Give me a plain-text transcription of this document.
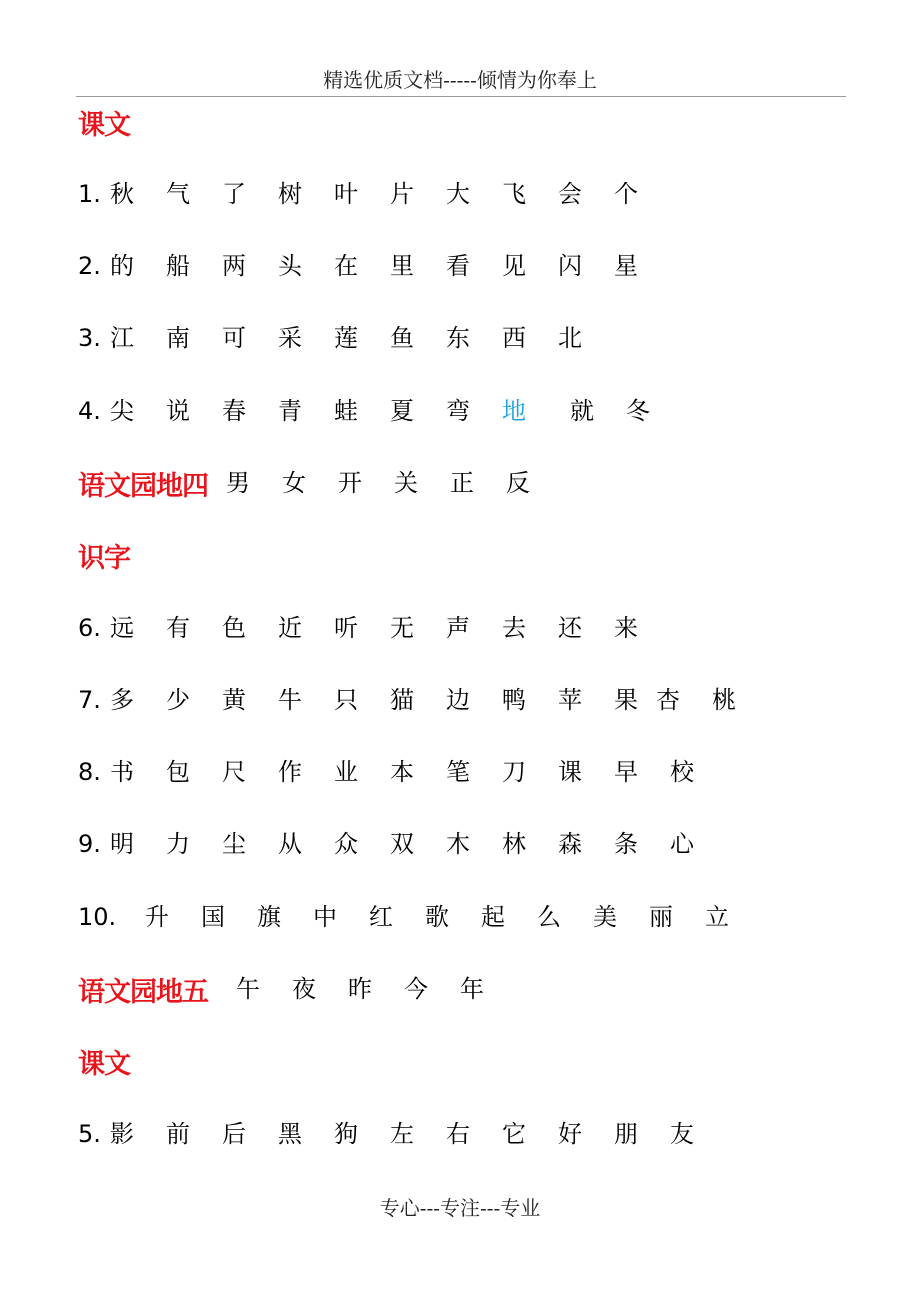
精选优质文档-----倾情为你奉上
课文
1. 秋	气	了	树	叶	片	大	飞	会	个
2. 的	船	两	头	在	里	看	见	闪	星
3. 江	南	可	采	莲	鱼	东	西	北
4. 尖	说	春	青	蛙	夏	弯	地	就	冬
语文园地四 男	女	开	关	正	反
识字
6. 远	有	色	近	听	无	声	去	还	来
7. 多	少	黄	牛	只	猫	边	鸭	苹	果 杏	桃
8. 书	包	尺	作	业	本	笔	刀	课	早	校
9. 明	力	尘	从	众	双	木	林	森	条	心
10.	升	国	旗	中	红	歌	起	么	美	丽	立
语文园地五 午	夜	昨	今	年
课文
5. 影	前	后	黑	狗	左	右	它	好	朋	友
专心---专注---专业
